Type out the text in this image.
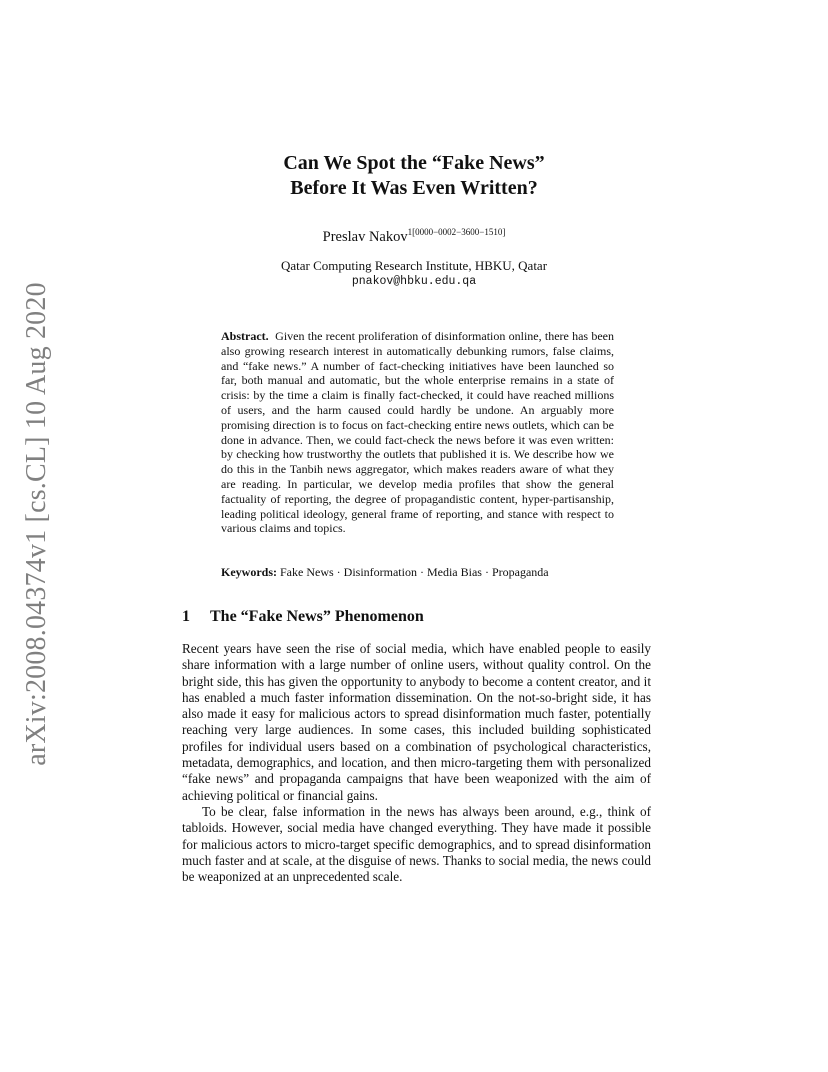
arXiv:2008.04374v1 [cs.CL] 10 Aug 2020
Can We Spot the “Fake News”
Before It Was Even Written?
Preslav Nakov$^{1[0000-0002-3600-1510]}$
Qatar Computing Research Institute, HBKU, Qatar
pnakov@hbku.edu.qa

Abstract. Given the recent proliferation of disinformation online, there has been also growing research interest in automatically debunking rumors, false claims, and “fake news.” A number of fact-checking initiatives have been launched so far, both manual and automatic, but the whole enterprise remains in a state of crisis: by the time a claim is finally fact-checked, it could have reached millions of users, and the harm caused could hardly be undone. An arguably more promising direction is to focus on fact-checking entire news outlets, which can be done in advance. Then, we could fact-check the news before it was even written: by checking how trustworthy the outlets that published it is. We describe how we do this in the Tanbih news aggregator, which makes readers aware of what they are reading. In particular, we develop media profiles that show the general factuality of reporting, the degree of propagandistic content, hyper-partisanship, leading political ideology, general frame of reporting, and stance with respect to various claims and topics.

Keywords: Fake News · Disinformation · Media Bias · Propaganda
1 The “Fake News” Phenomenon

Recent years have seen the rise of social media, which have enabled people to easily share information with a large number of online users, without quality control. On the bright side, this has given the opportunity to anybody to become a content creator, and it has enabled a much faster information dissemination. On the not-so-bright side, it has also made it easy for malicious actors to spread disinformation much faster, potentially reaching very large audiences. In some cases, this included building sophisticated profiles for individual users based on a combination of psychological characteristics, metadata, demographics, and location, and then micro-targeting them with personalized “fake news” and propaganda campaigns that have been weaponized with the aim of achieving political or financial gains.

To be clear, false information in the news has always been around, e.g., think of tabloids. However, social media have changed everything. They have made it possible for malicious actors to micro-target specific demographics, and to spread disinformation much faster and at scale, at the disguise of news. Thanks to social media, the news could be weaponized at an unprecedented scale.
